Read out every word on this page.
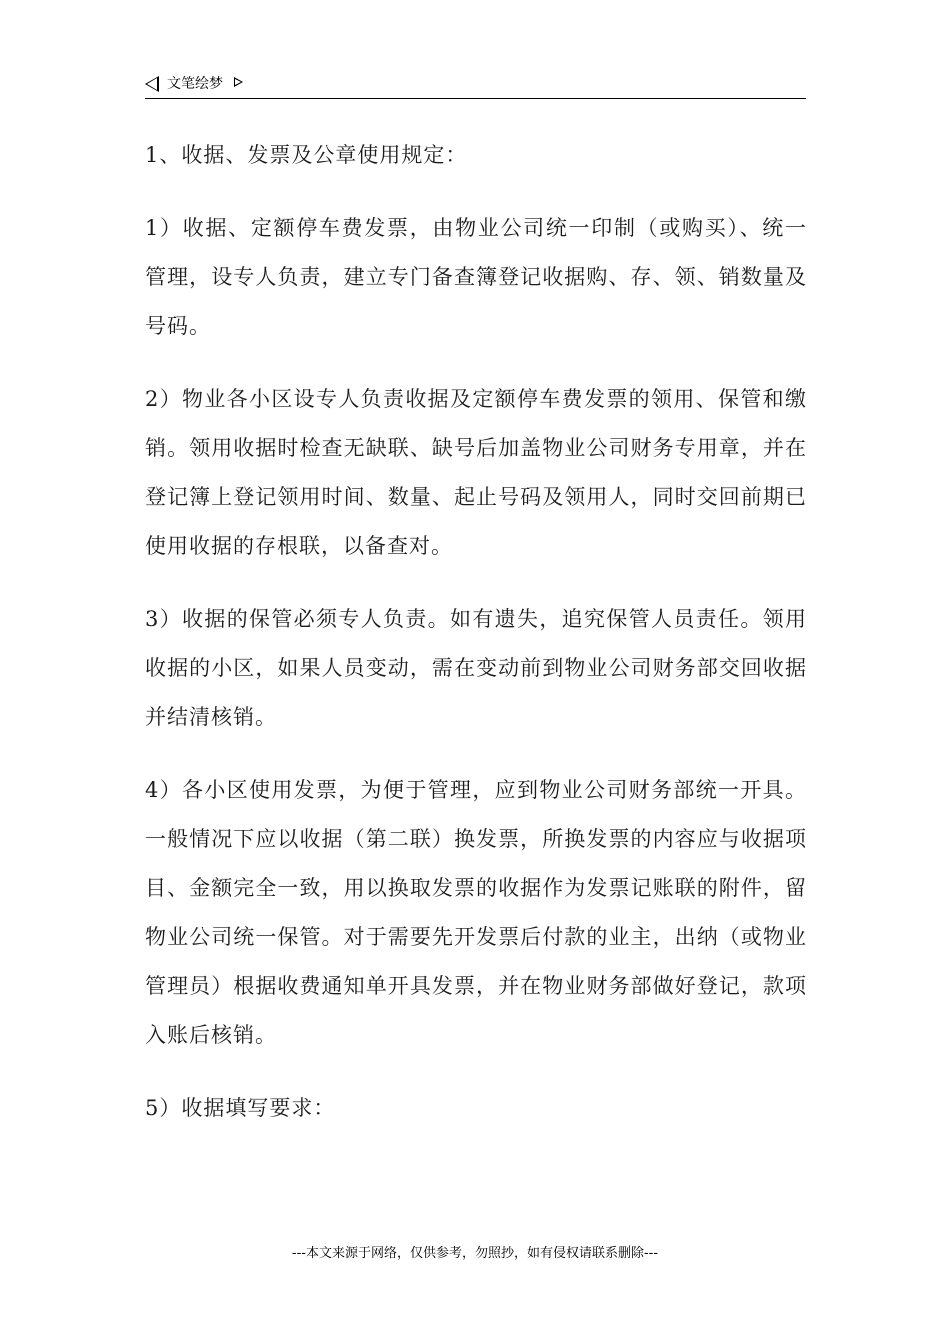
文笔绘梦

1、收据、发票及公章使用规定：

1）收据、定额停车费发票，由物业公司统一印制（或购买）、统一管理，设专人负责，建立专门备查簿登记收据购、存、领、销数量及号码。

2）物业各小区设专人负责收据及定额停车费发票的领用、保管和缴销。领用收据时检查无缺联、缺号后加盖物业公司财务专用章，并在登记簿上登记领用时间、数量、起止号码及领用人，同时交回前期已使用收据的存根联，以备查对。

3）收据的保管必须专人负责。如有遗失，追究保管人员责任。领用收据的小区，如果人员变动，需在变动前到物业公司财务部交回收据并结清核销。

4）各小区使用发票，为便于管理，应到物业公司财务部统一开具。一般情况下应以收据（第二联）换发票，所换发票的内容应与收据项目、金额完全一致，用以换取发票的收据作为发票记账联的附件，留物业公司统一保管。对于需要先开发票后付款的业主，出纳（或物业管理员）根据收费通知单开具发票，并在物业财务部做好登记，款项入账后核销。

5）收据填写要求：

---本文来源于网络，仅供参考，勿照抄，如有侵权请联系删除---
